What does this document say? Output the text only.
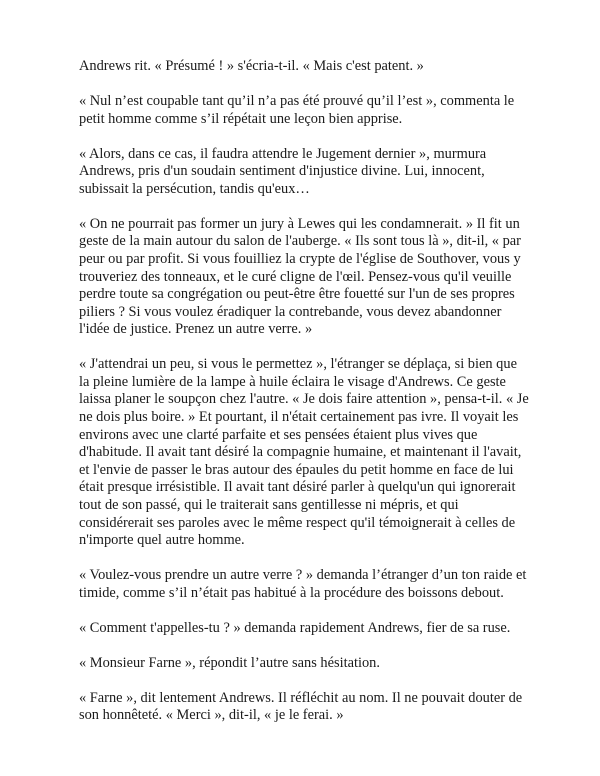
Andrews rit. « Présumé ! » s'écria-t-il. « Mais c'est patent. »

« Nul n’est coupable tant qu’il n’a pas été prouvé qu’il l’est », commenta le petit homme comme s’il répétait une leçon bien apprise.

« Alors, dans ce cas, il faudra attendre le Jugement dernier », murmura Andrews, pris d'un soudain sentiment d'injustice divine. Lui, innocent, subissait la persécution, tandis qu'eux…

« On ne pourrait pas former un jury à Lewes qui les condamnerait. » Il fit un geste de la main autour du salon de l'auberge. « Ils sont tous là », dit-il, « par peur ou par profit. Si vous fouilliez la crypte de l'église de Southover, vous y trouveriez des tonneaux, et le curé cligne de l'œil. Pensez-vous qu'il veuille perdre toute sa congrégation ou peut-être être fouetté sur l'un de ses propres piliers ? Si vous voulez éradiquer la contrebande, vous devez abandonner l'idée de justice. Prenez un autre verre. »

« J'attendrai un peu, si vous le permettez », l'étranger se déplaça, si bien que la pleine lumière de la lampe à huile éclaira le visage d'Andrews. Ce geste laissa planer le soupçon chez l'autre. « Je dois faire attention », pensa-t-il. « Je ne dois plus boire. » Et pourtant, il n'était certainement pas ivre. Il voyait les environs avec une clarté parfaite et ses pensées étaient plus vives que d'habitude. Il avait tant désiré la compagnie humaine, et maintenant il l'avait, et l'envie de passer le bras autour des épaules du petit homme en face de lui était presque irrésistible. Il avait tant désiré parler à quelqu'un qui ignorerait tout de son passé, qui le traiterait sans gentillesse ni mépris, et qui considérerait ses paroles avec le même respect qu'il témoignerait à celles de n'importe quel autre homme.

« Voulez-vous prendre un autre verre ? » demanda l’étranger d’un ton raide et timide, comme s’il n’était pas habitué à la procédure des boissons debout.

« Comment t'appelles-tu ? » demanda rapidement Andrews, fier de sa ruse.

« Monsieur Farne », répondit l’autre sans hésitation.

« Farne », dit lentement Andrews. Il réfléchit au nom. Il ne pouvait douter de son honnêteté. « Merci », dit-il, « je le ferai. »
